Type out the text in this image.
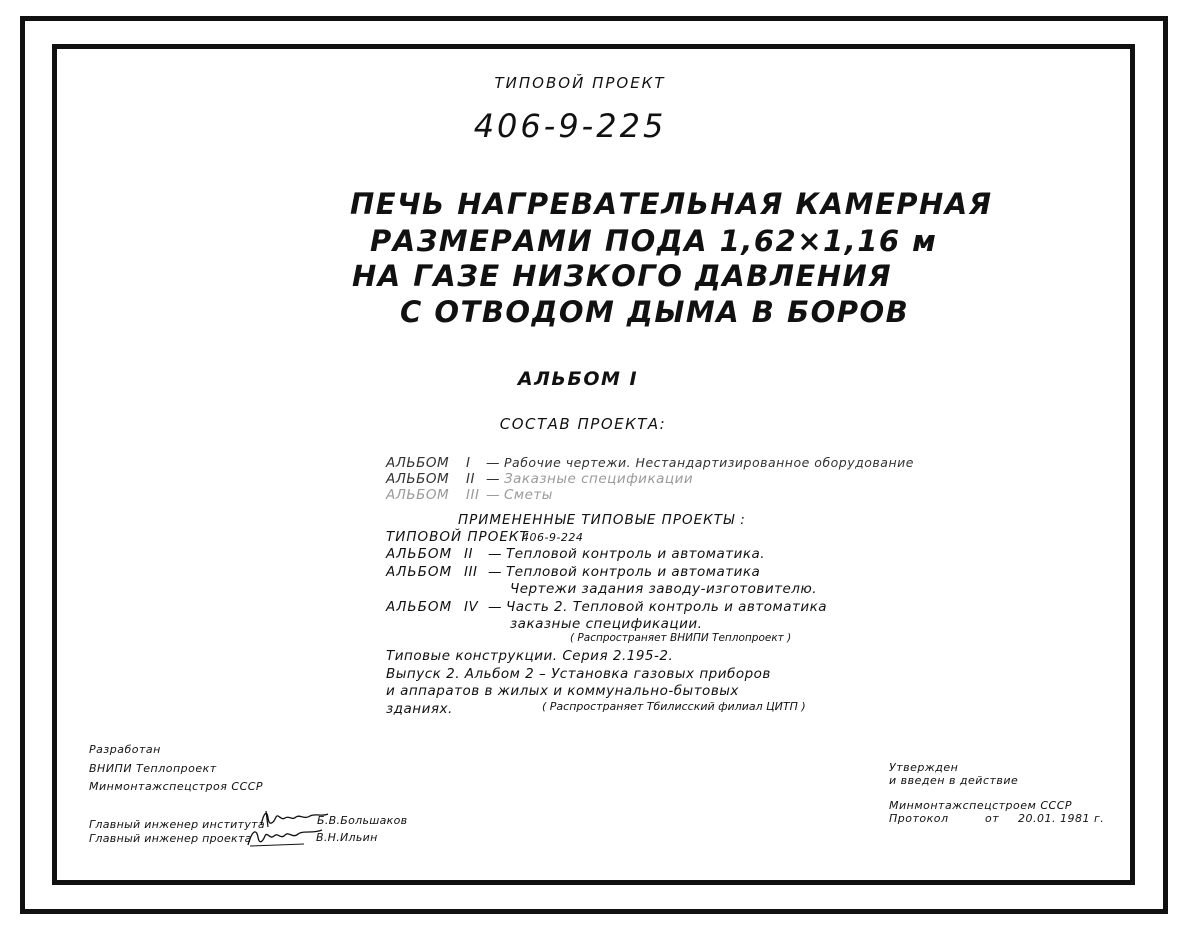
ТИПОВОЙ ПРОЕКТ
406-9-225
ПЕЧЬ НАГРЕВАТЕЛЬНАЯ КАМЕРНАЯ
РАЗМЕРАМИ ПОДА 1,62×1,16 м
НА ГАЗЕ НИЗКОГО ДАВЛЕНИЯ
С ОТВОДОМ ДЫМА В БОРОВ
АЛЬБОМ I
СОСТАВ ПРОЕКТА:
АЛЬБОМ I — Рабочие чертежи. Нестандартизированное оборудование
АЛЬБОМ II — Заказные спецификации
АЛЬБОМ III — Сметы
ПРИМЕНЕННЫЕ ТИПОВЫЕ ПРОЕКТЫ :
ТИПОВОЙ ПРОЕКТ
406-9-224
АЛЬБОМ II — Тепловой контроль и автоматика.
АЛЬБОМ III — Тепловой контроль и автоматика
Чертежи задания заводу-изготовителю.
АЛЬБОМ IV — Часть 2. Тепловой контроль и автоматика
заказные спецификации.
( Распространяет ВНИПИ Теплопроект )
Типовые конструкции. Серия 2.195-2.
Выпуск 2. Альбом 2 – Установка газовых приборов
и аппаратов в жилых и коммунально-бытовых
зданиях.	( Распространяет Тбилисский филиал ЦИТП )
Разработан
ВНИПИ Теплопроект
Минмонтажспецстроя СССР
Главный инженер института	Б.В.Большаков
Главный инженер проекта	В.Н.Ильин
Утвержден
и введен в действие
Минмонтажспецстроем СССР
Протокол	от 20.01. 1981 г.
